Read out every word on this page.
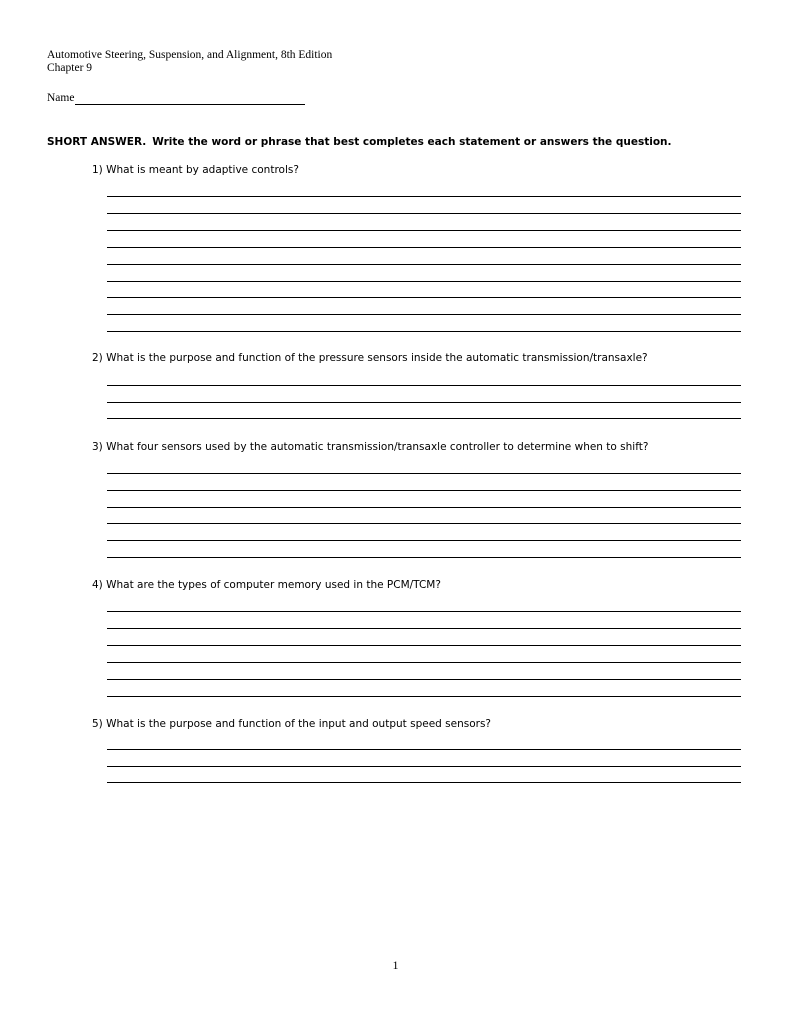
Automotive Steering, Suspension, and Alignment, 8th Edition
Chapter 9
Name
SHORT ANSWER. Write the word or phrase that best completes each statement or answers the question.
1) What is meant by adaptive controls?
2) What is the purpose and function of the pressure sensors inside the automatic transmission/transaxle?
3) What four sensors used by the automatic transmission/transaxle controller to determine when to shift?
4) What are the types of computer memory used in the PCM/TCM?
5) What is the purpose and function of the input and output speed sensors?
1
